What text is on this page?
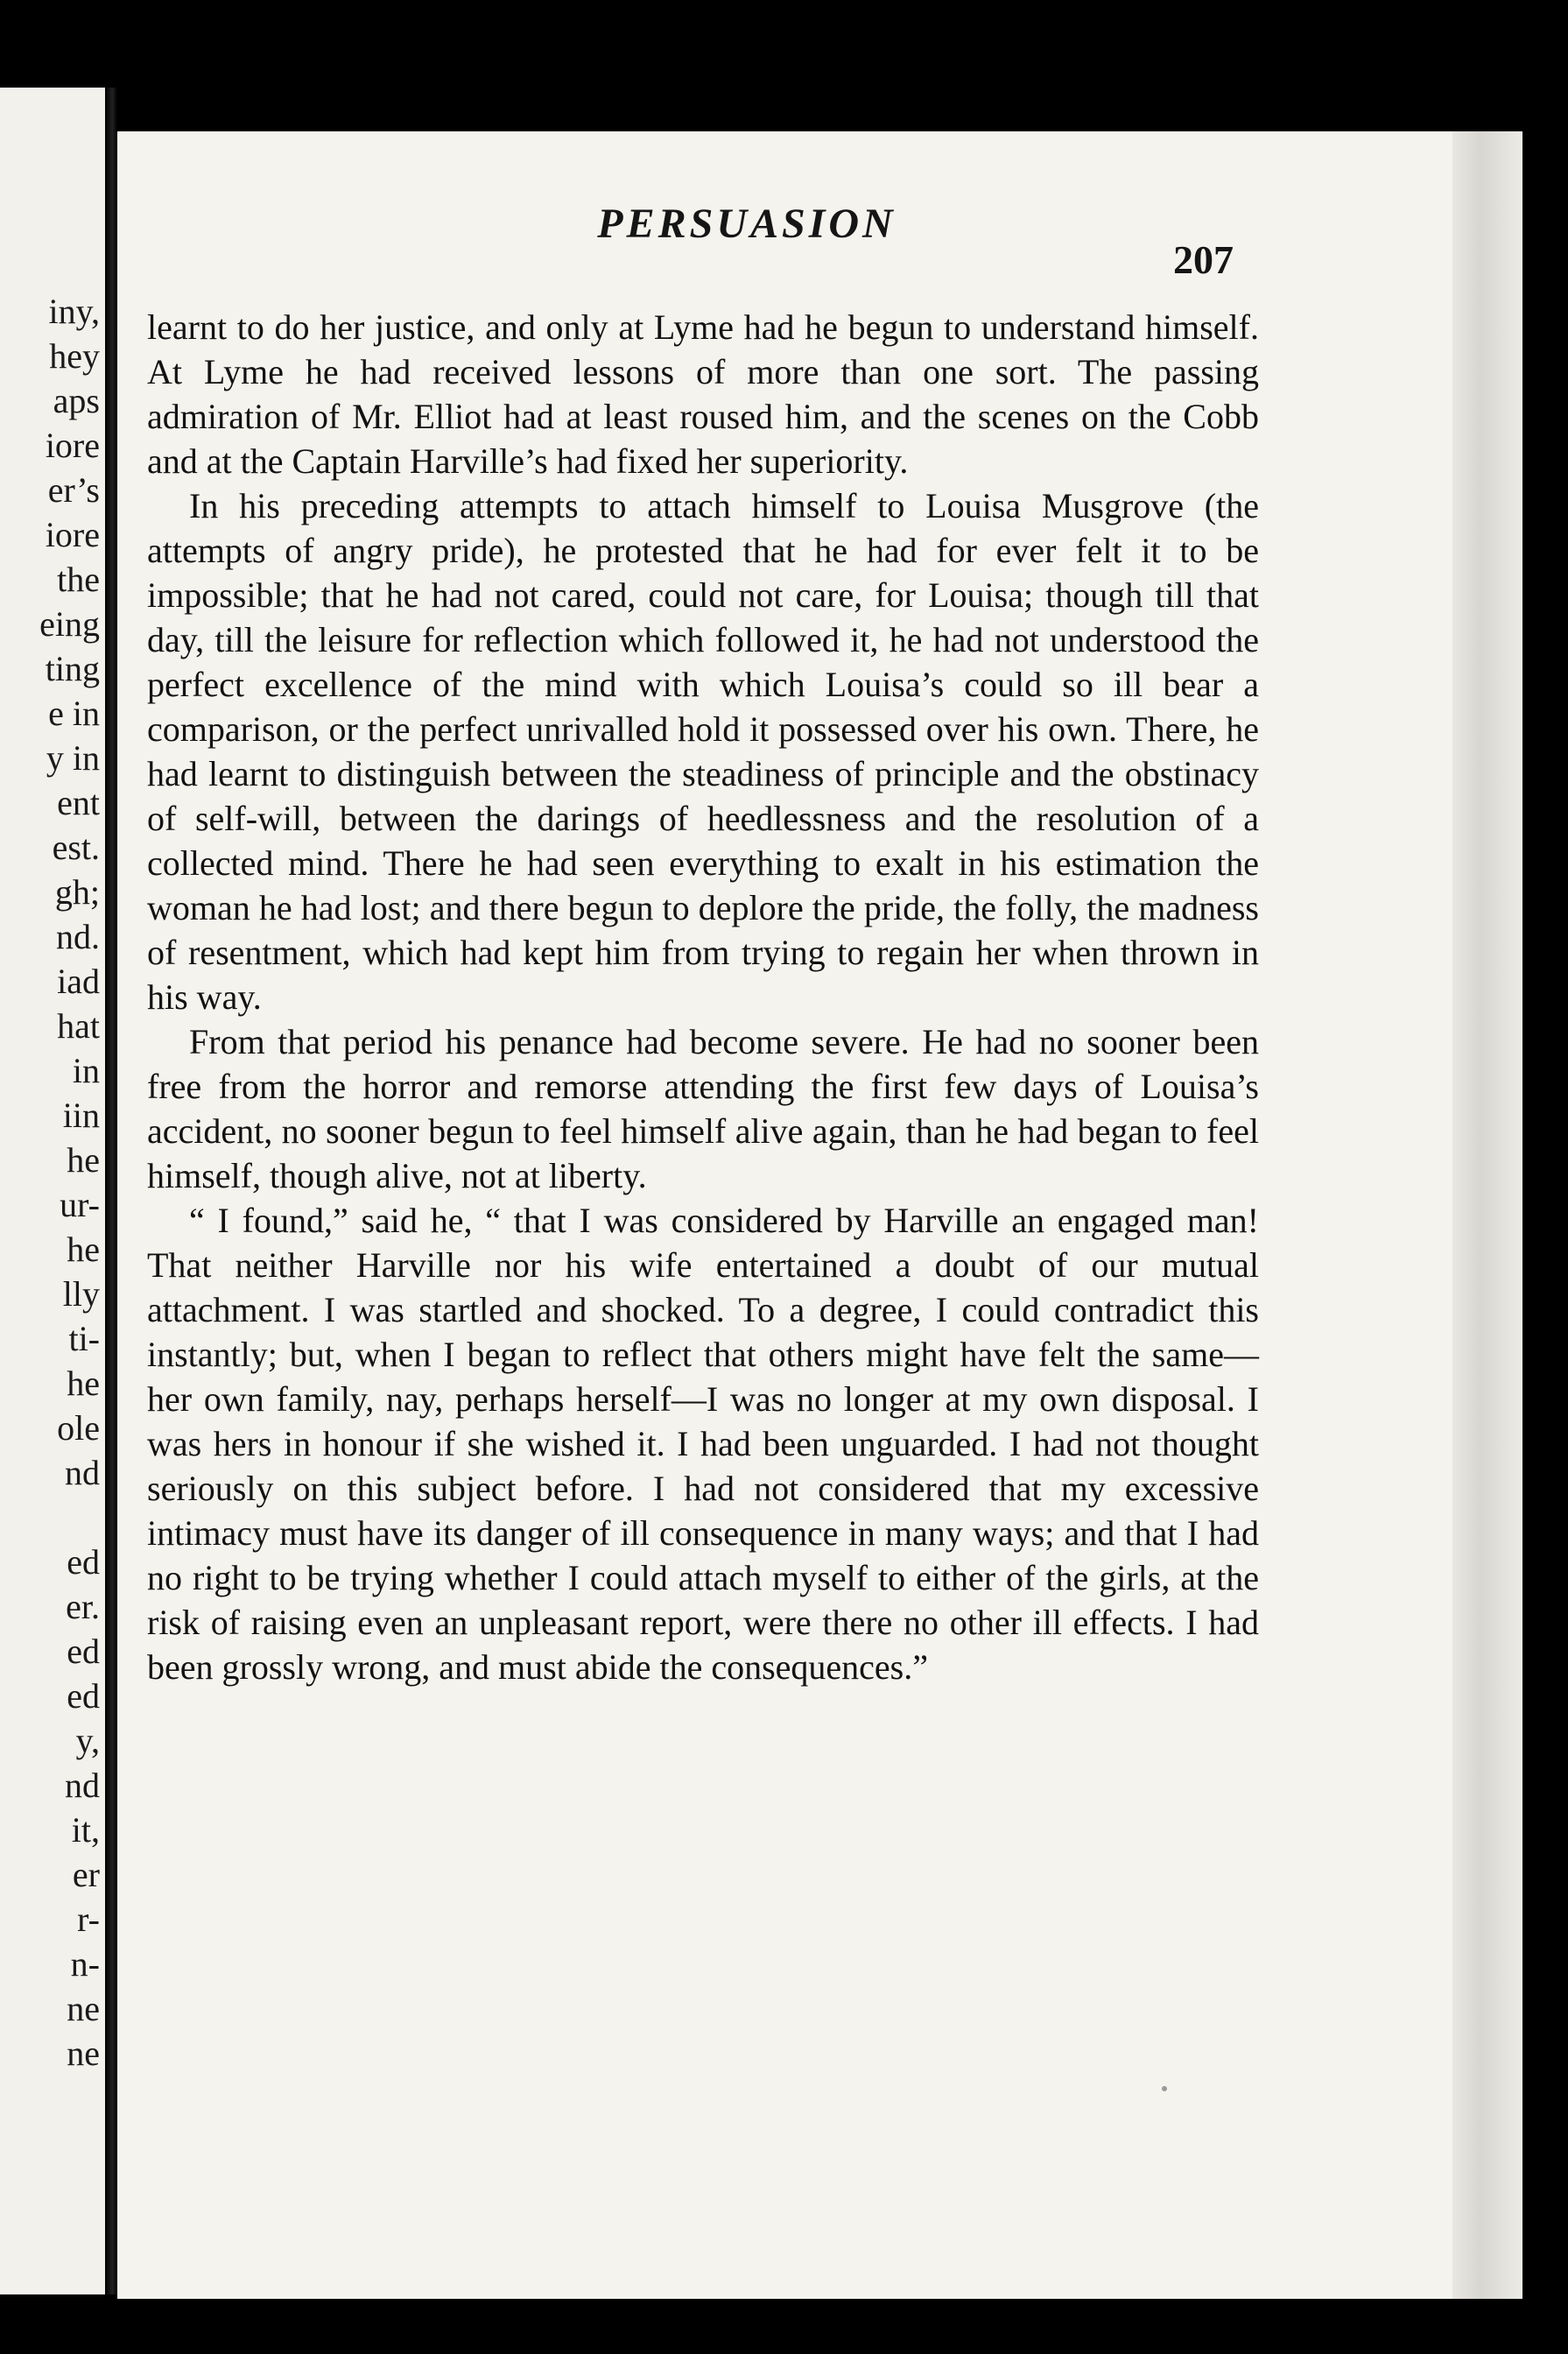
iny,
hey
aps
iore
er’s
iore
the
eing
ting
e in
y in
ent
est.
gh;
nd.
iad
hat
in
iin
he
ur-
he
lly
ti-
he
ole
nd
ed
er.
ed
ed
y,
nd
it,
er
r-
n-
ne
ne
PERSUASION
207

learnt to do her justice, and only at Lyme had he begun to understand himself. At Lyme he had received lessons of more than one sort. The passing admiration of Mr. Elliot had at least roused him, and the scenes on the Cobb and at the Captain Harville’s had fixed her superiority.

In his preceding attempts to attach himself to Louisa Musgrove (the attempts of angry pride), he protested that he had for ever felt it to be impossible; that he had not cared, could not care, for Louisa; though till that day, till the leisure for reflection which followed it, he had not understood the perfect excellence of the mind with which Louisa’s could so ill bear a comparison, or the perfect unrivalled hold it possessed over his own. There, he had learnt to distinguish between the steadiness of principle and the obstinacy of self-will, between the darings of heedlessness and the resolution of a collected mind. There he had seen everything to exalt in his estimation the woman he had lost; and there begun to deplore the pride, the folly, the madness of resentment, which had kept him from trying to regain her when thrown in his way.

From that period his penance had become severe. He had no sooner been free from the horror and remorse attending the first few days of Louisa’s accident, no sooner begun to feel himself alive again, than he had began to feel himself, though alive, not at liberty.

“ I found,” said he, “ that I was considered by Harville an engaged man! That neither Harville nor his wife entertained a doubt of our mutual attachment. I was startled and shocked. To a degree, I could contradict this instantly; but, when I began to reflect that others might have felt the same—her own family, nay, perhaps herself—I was no longer at my own disposal. I was hers in honour if she wished it. I had been unguarded. I had not thought seriously on this subject before. I had not considered that my excessive intimacy must have its danger of ill consequence in many ways; and that I had no right to be trying whether I could attach myself to either of the girls, at the risk of raising even an unpleasant report, were there no other ill effects. I had been grossly wrong, and must abide the consequences.”
